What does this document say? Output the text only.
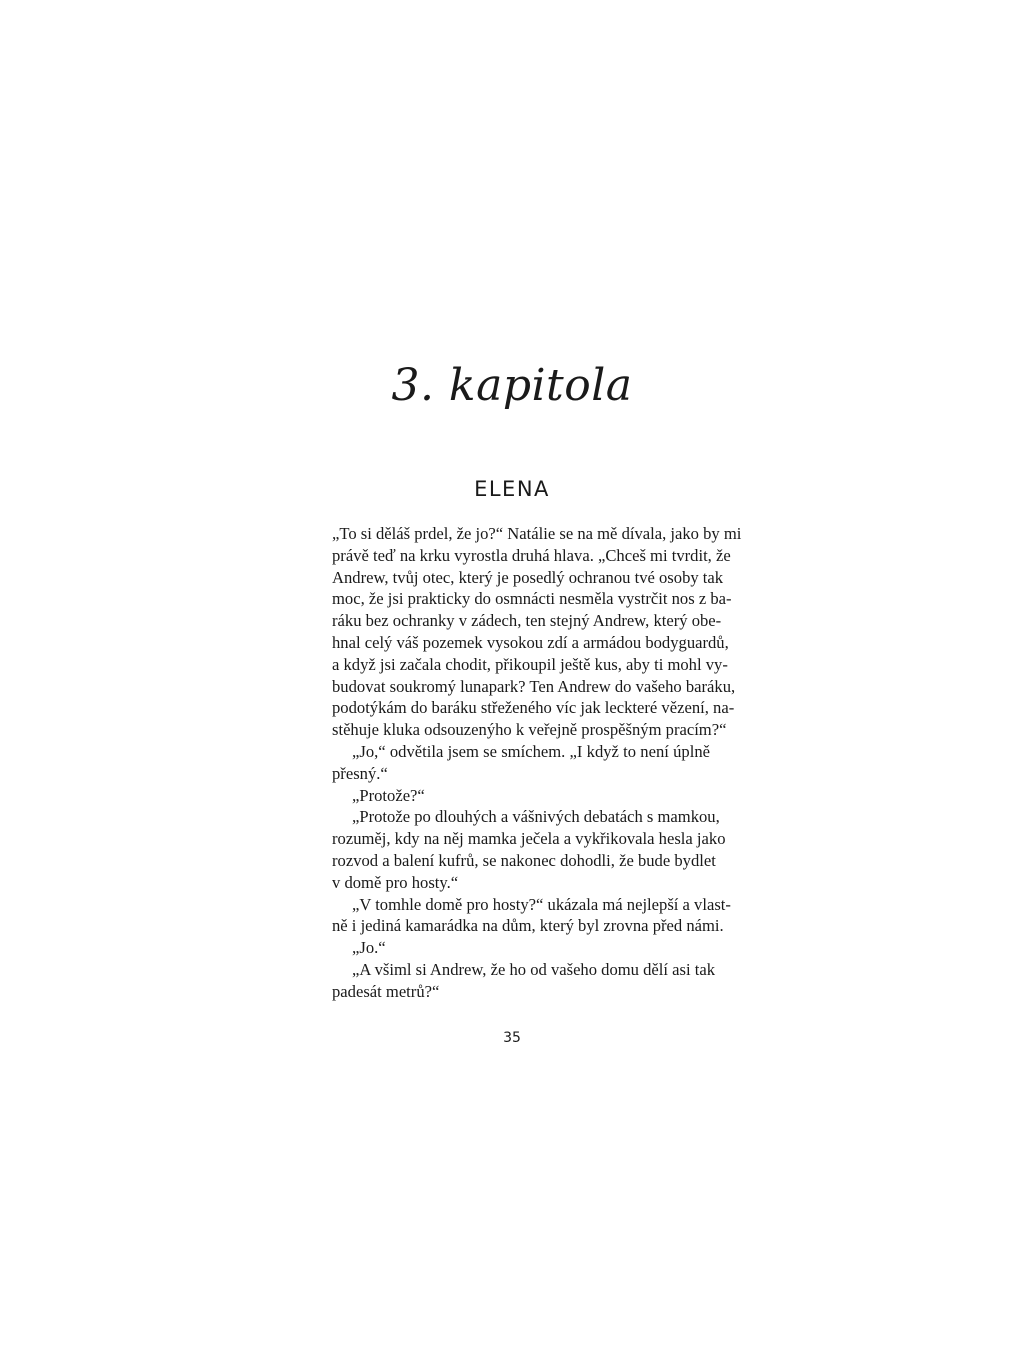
3. kapitola
ELENA
„To si děláš prdel, že jo?“ Natálie se na mě dívala, jako by mi
právě teď na krku vyrostla druhá hlava. „Chceš mi tvrdit, že
Andrew, tvůj otec, který je posedlý ochranou tvé osoby tak
moc, že jsi prakticky do osmnácti nesměla vystrčit nos z ba-
ráku bez ochranky v zádech, ten stejný Andrew, který obe-
hnal celý váš pozemek vysokou zdí a armádou bodyguardů,
a když jsi začala chodit, přikoupil ještě kus, aby ti mohl vy-
budovat soukromý lunapark? Ten Andrew do vašeho baráku,
podotýkám do baráku střeženého víc jak leckteré vězení, na-
stěhuje kluka odsouzenýho k veřejně prospěšným pracím?“
„Jo,“ odvětila jsem se smíchem. „I když to není úplně
přesný.“
„Protože?“
„Protože po dlouhých a vášnivých debatách s mamkou,
rozuměj, kdy na něj mamka ječela a vykřikovala hesla jako
rozvod a balení kufrů, se nakonec dohodli, že bude bydlet
v domě pro hosty.“
„V tomhle domě pro hosty?“ ukázala má nejlepší a vlast-
ně i jediná kamarádka na dům, který byl zrovna před námi.
„Jo.“
„A všiml si Andrew, že ho od vašeho domu dělí asi tak
padesát metrů?“
35
